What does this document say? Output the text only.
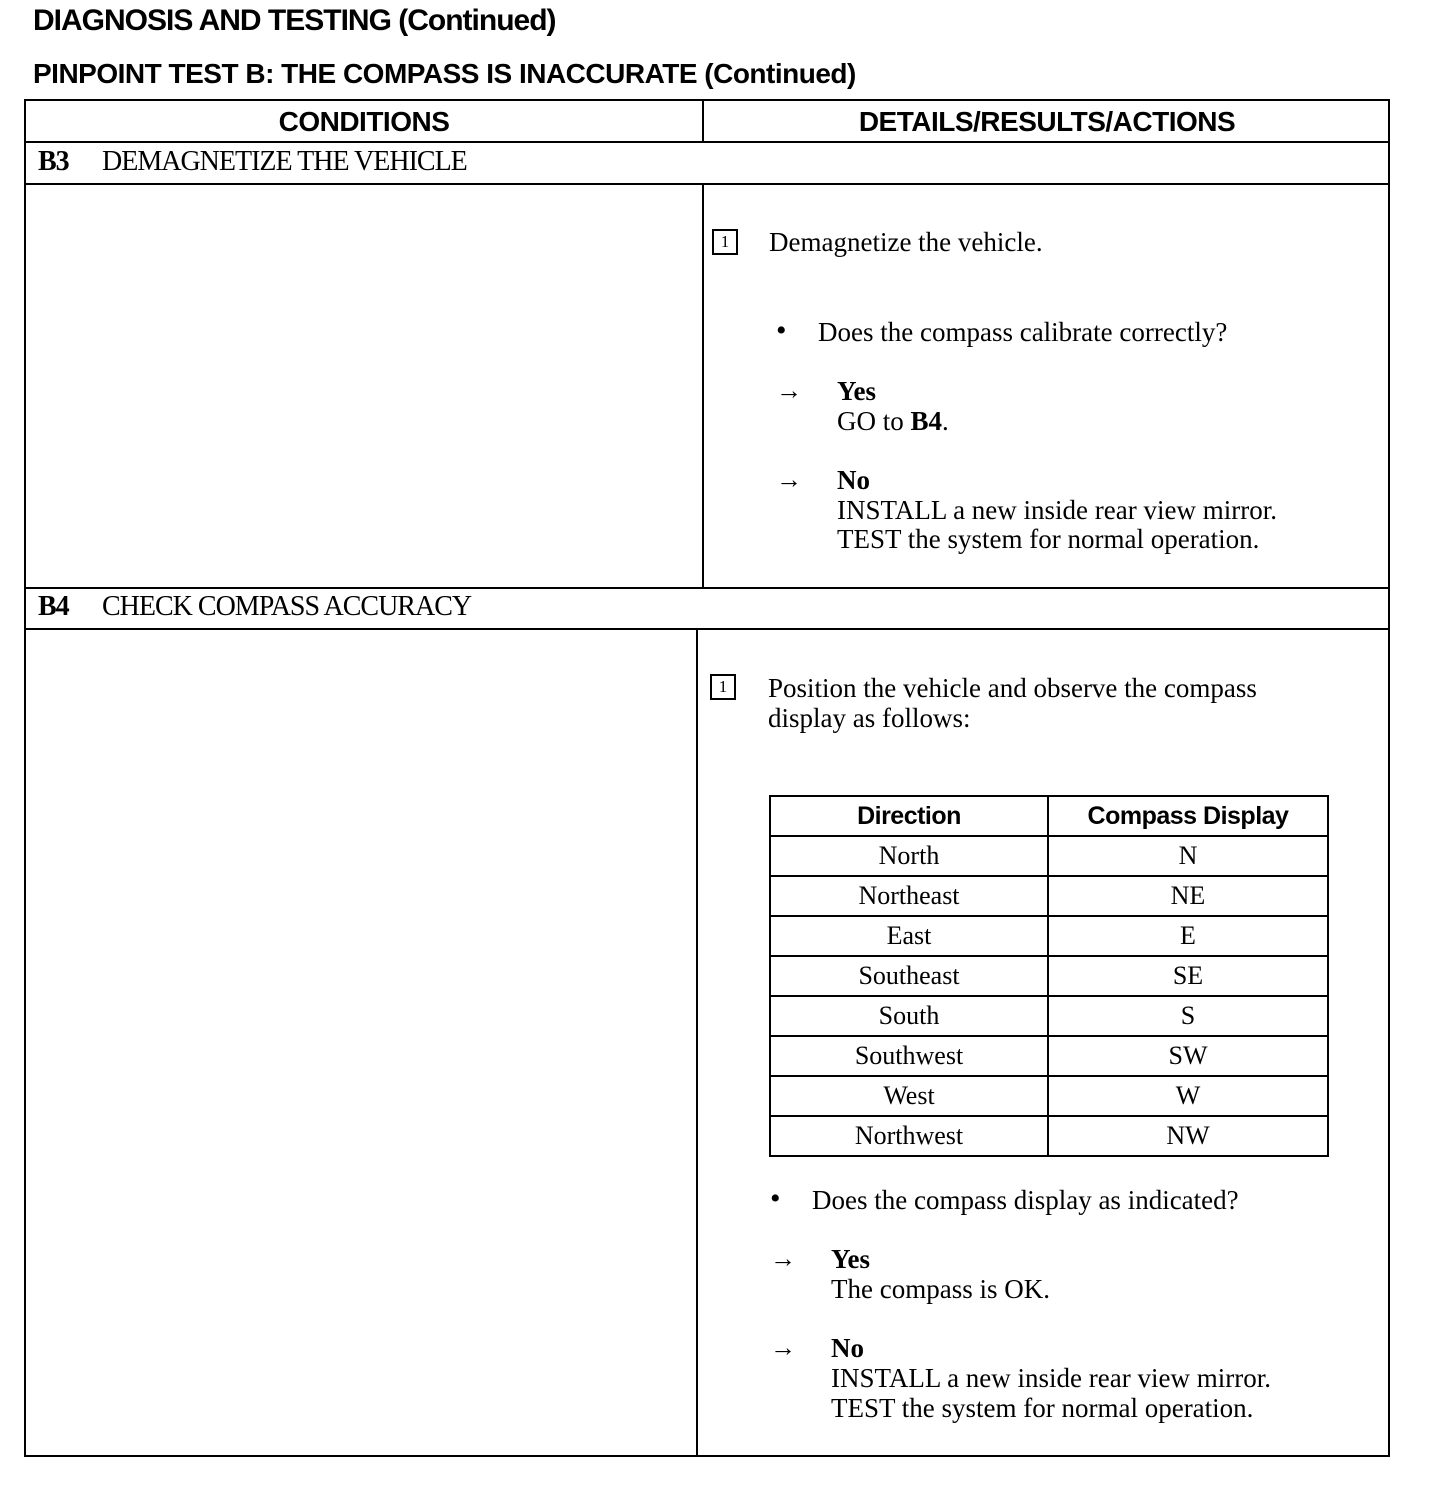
DIAGNOSIS AND TESTING (Continued)
PINPOINT TEST B: THE COMPASS IS INACCURATE (Continued)
CONDITIONS	DETAILS/RESULTS/ACTIONS
B3 DEMAGNETIZE THE VEHICLE
1	Demagnetize the vehicle.
• Does the compass calibrate correctly?
→ Yes
GO to B4.
→ No
INSTALL a new inside rear view mirror.
TEST the system for normal operation.
B4 CHECK COMPASS ACCURACY
1	Position the vehicle and observe the compass
display as follows:
Direction	Compass Display
North	N
Northeast	NE
East	E
Southeast	SE
South	S
Southwest	SW
West	W
Northwest	NW
• Does the compass display as indicated?
→ Yes
The compass is OK.
→ No
INSTALL a new inside rear view mirror.
TEST the system for normal operation.
